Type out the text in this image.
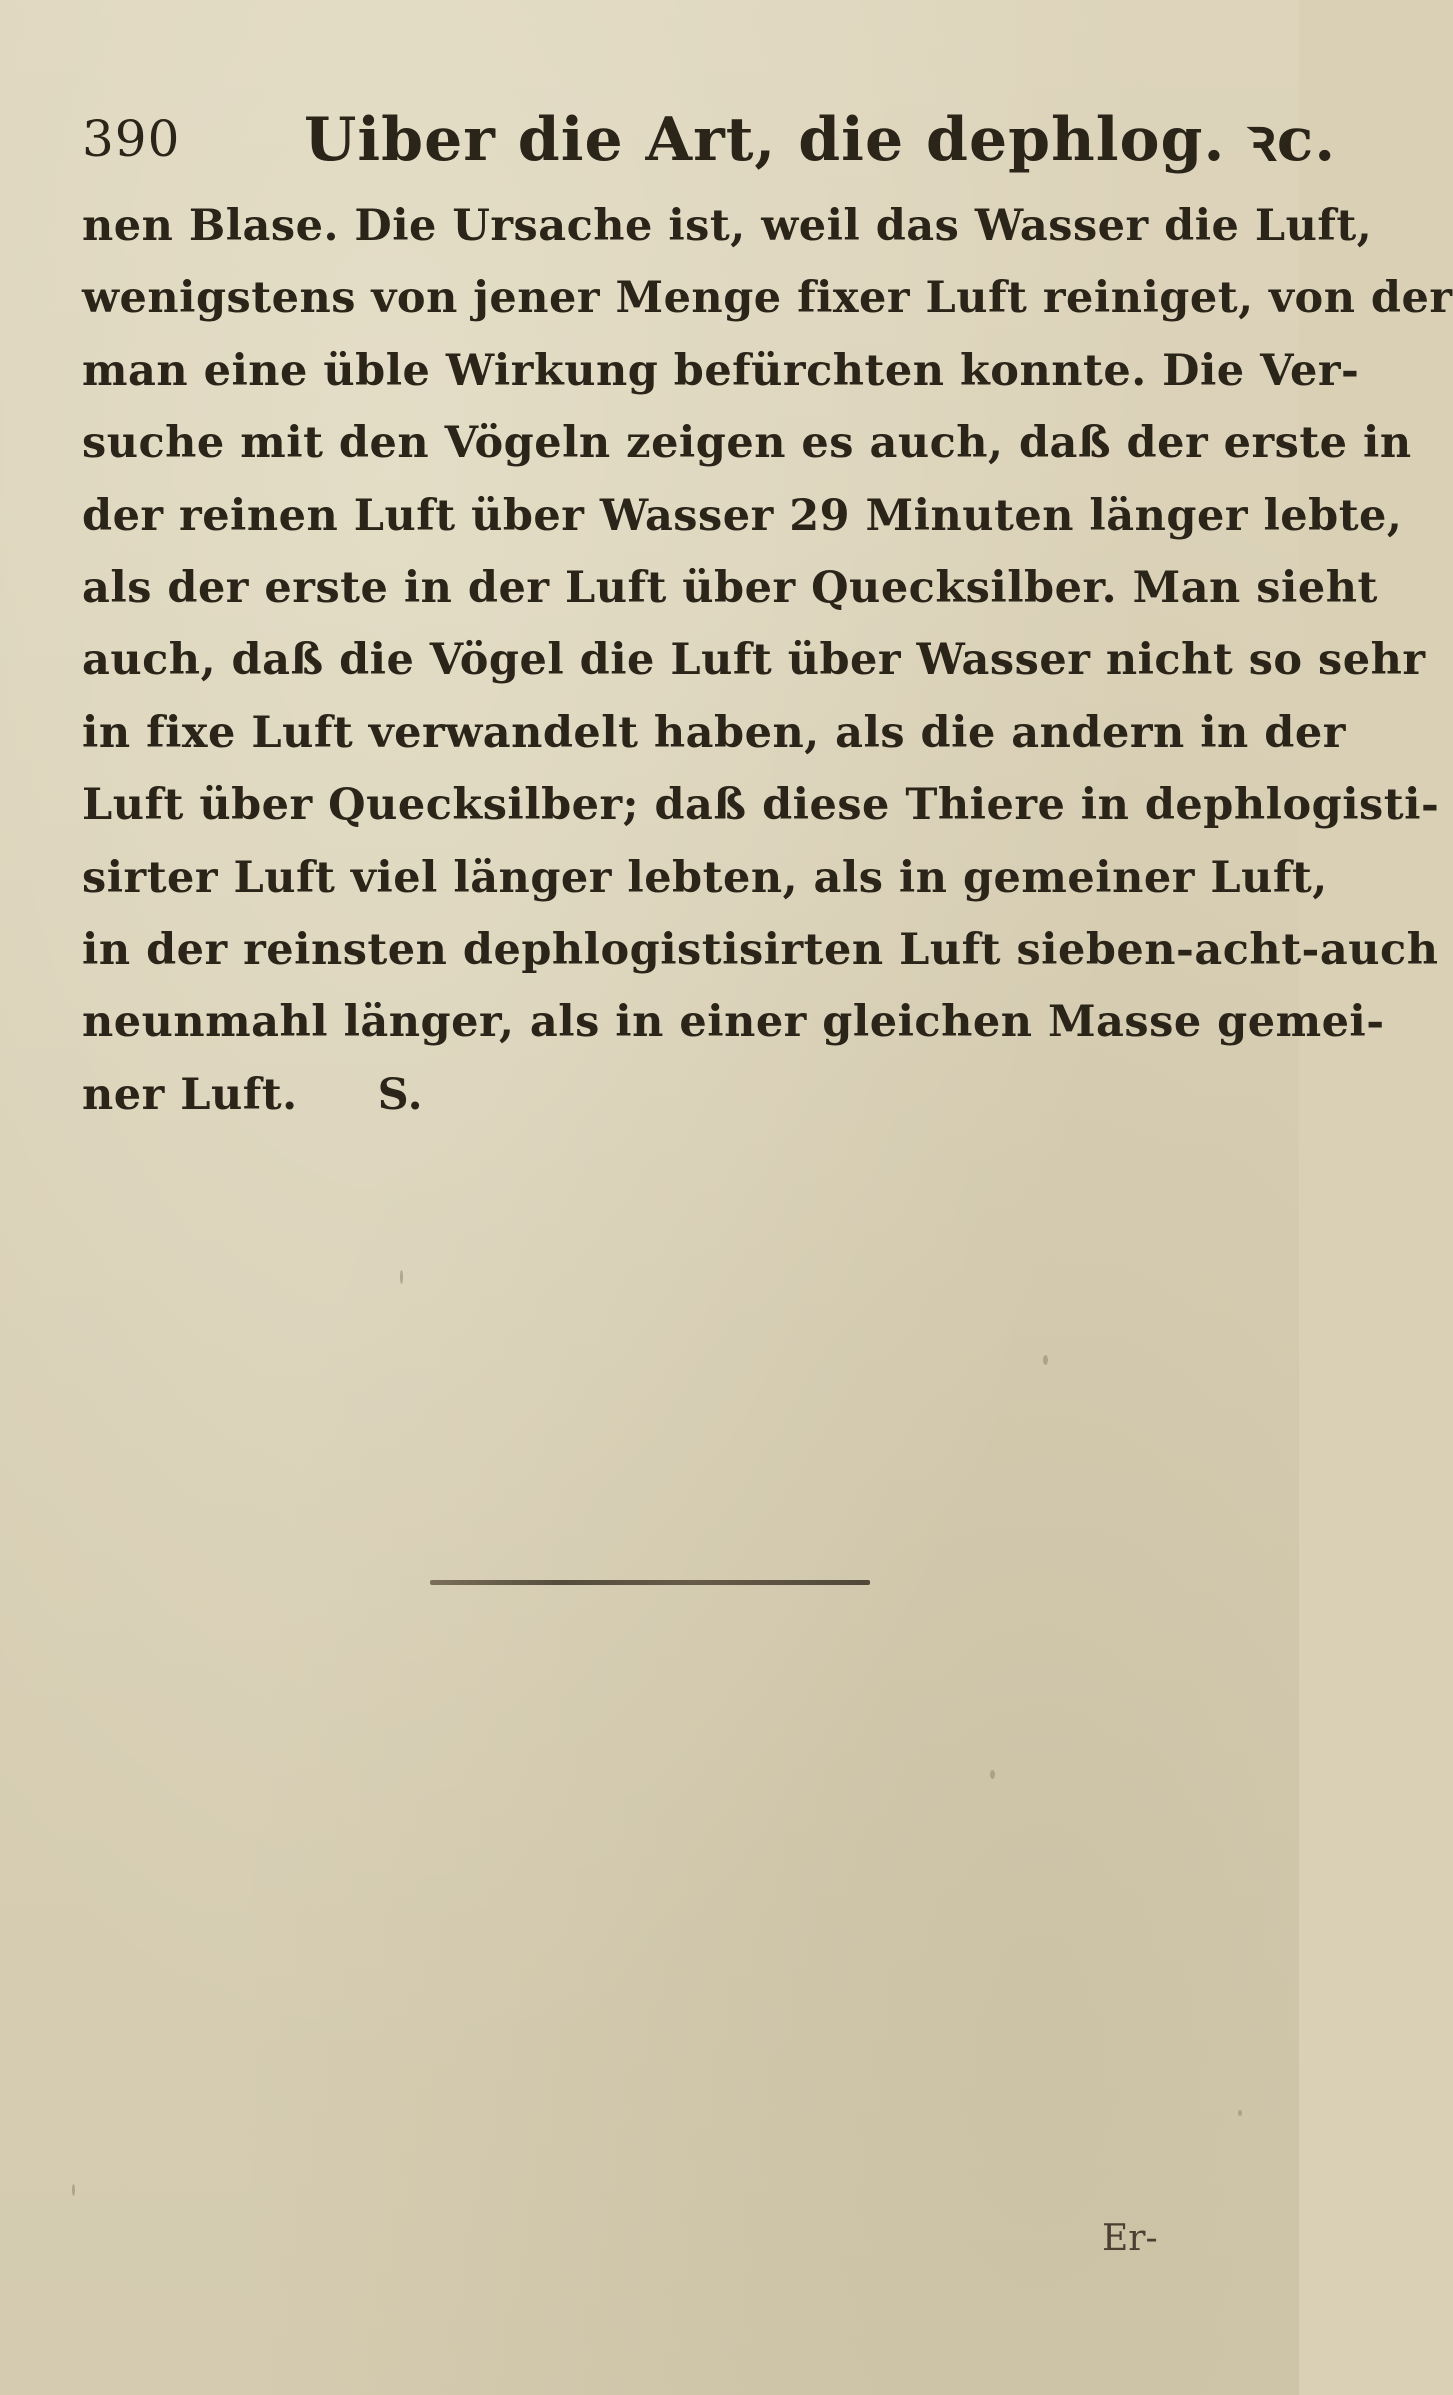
390 Uiber die Art, die dephlog. ꝛc.
nen Blase. Die Ursache ist, weil das Wasser die Luft,
wenigstens von jener Menge fixer Luft reiniget, von der
man eine üble Wirkung befürchten konnte. Die Ver-
suche mit den Vögeln zeigen es auch, daß der erste in
der reinen Luft über Wasser 29 Minuten länger lebte,
als der erste in der Luft über Quecksilber. Man sieht
auch, daß die Vögel die Luft über Wasser nicht so sehr
in fixe Luft verwandelt haben, als die andern in der
Luft über Quecksilber; daß diese Thiere in dephlogisti-
sirter Luft viel länger lebten, als in gemeiner Luft,
in der reinsten dephlogistisirten Luft sieben-acht-auch
neunmahl länger, als in einer gleichen Masse gemei-
ner Luft. S.
Er-
